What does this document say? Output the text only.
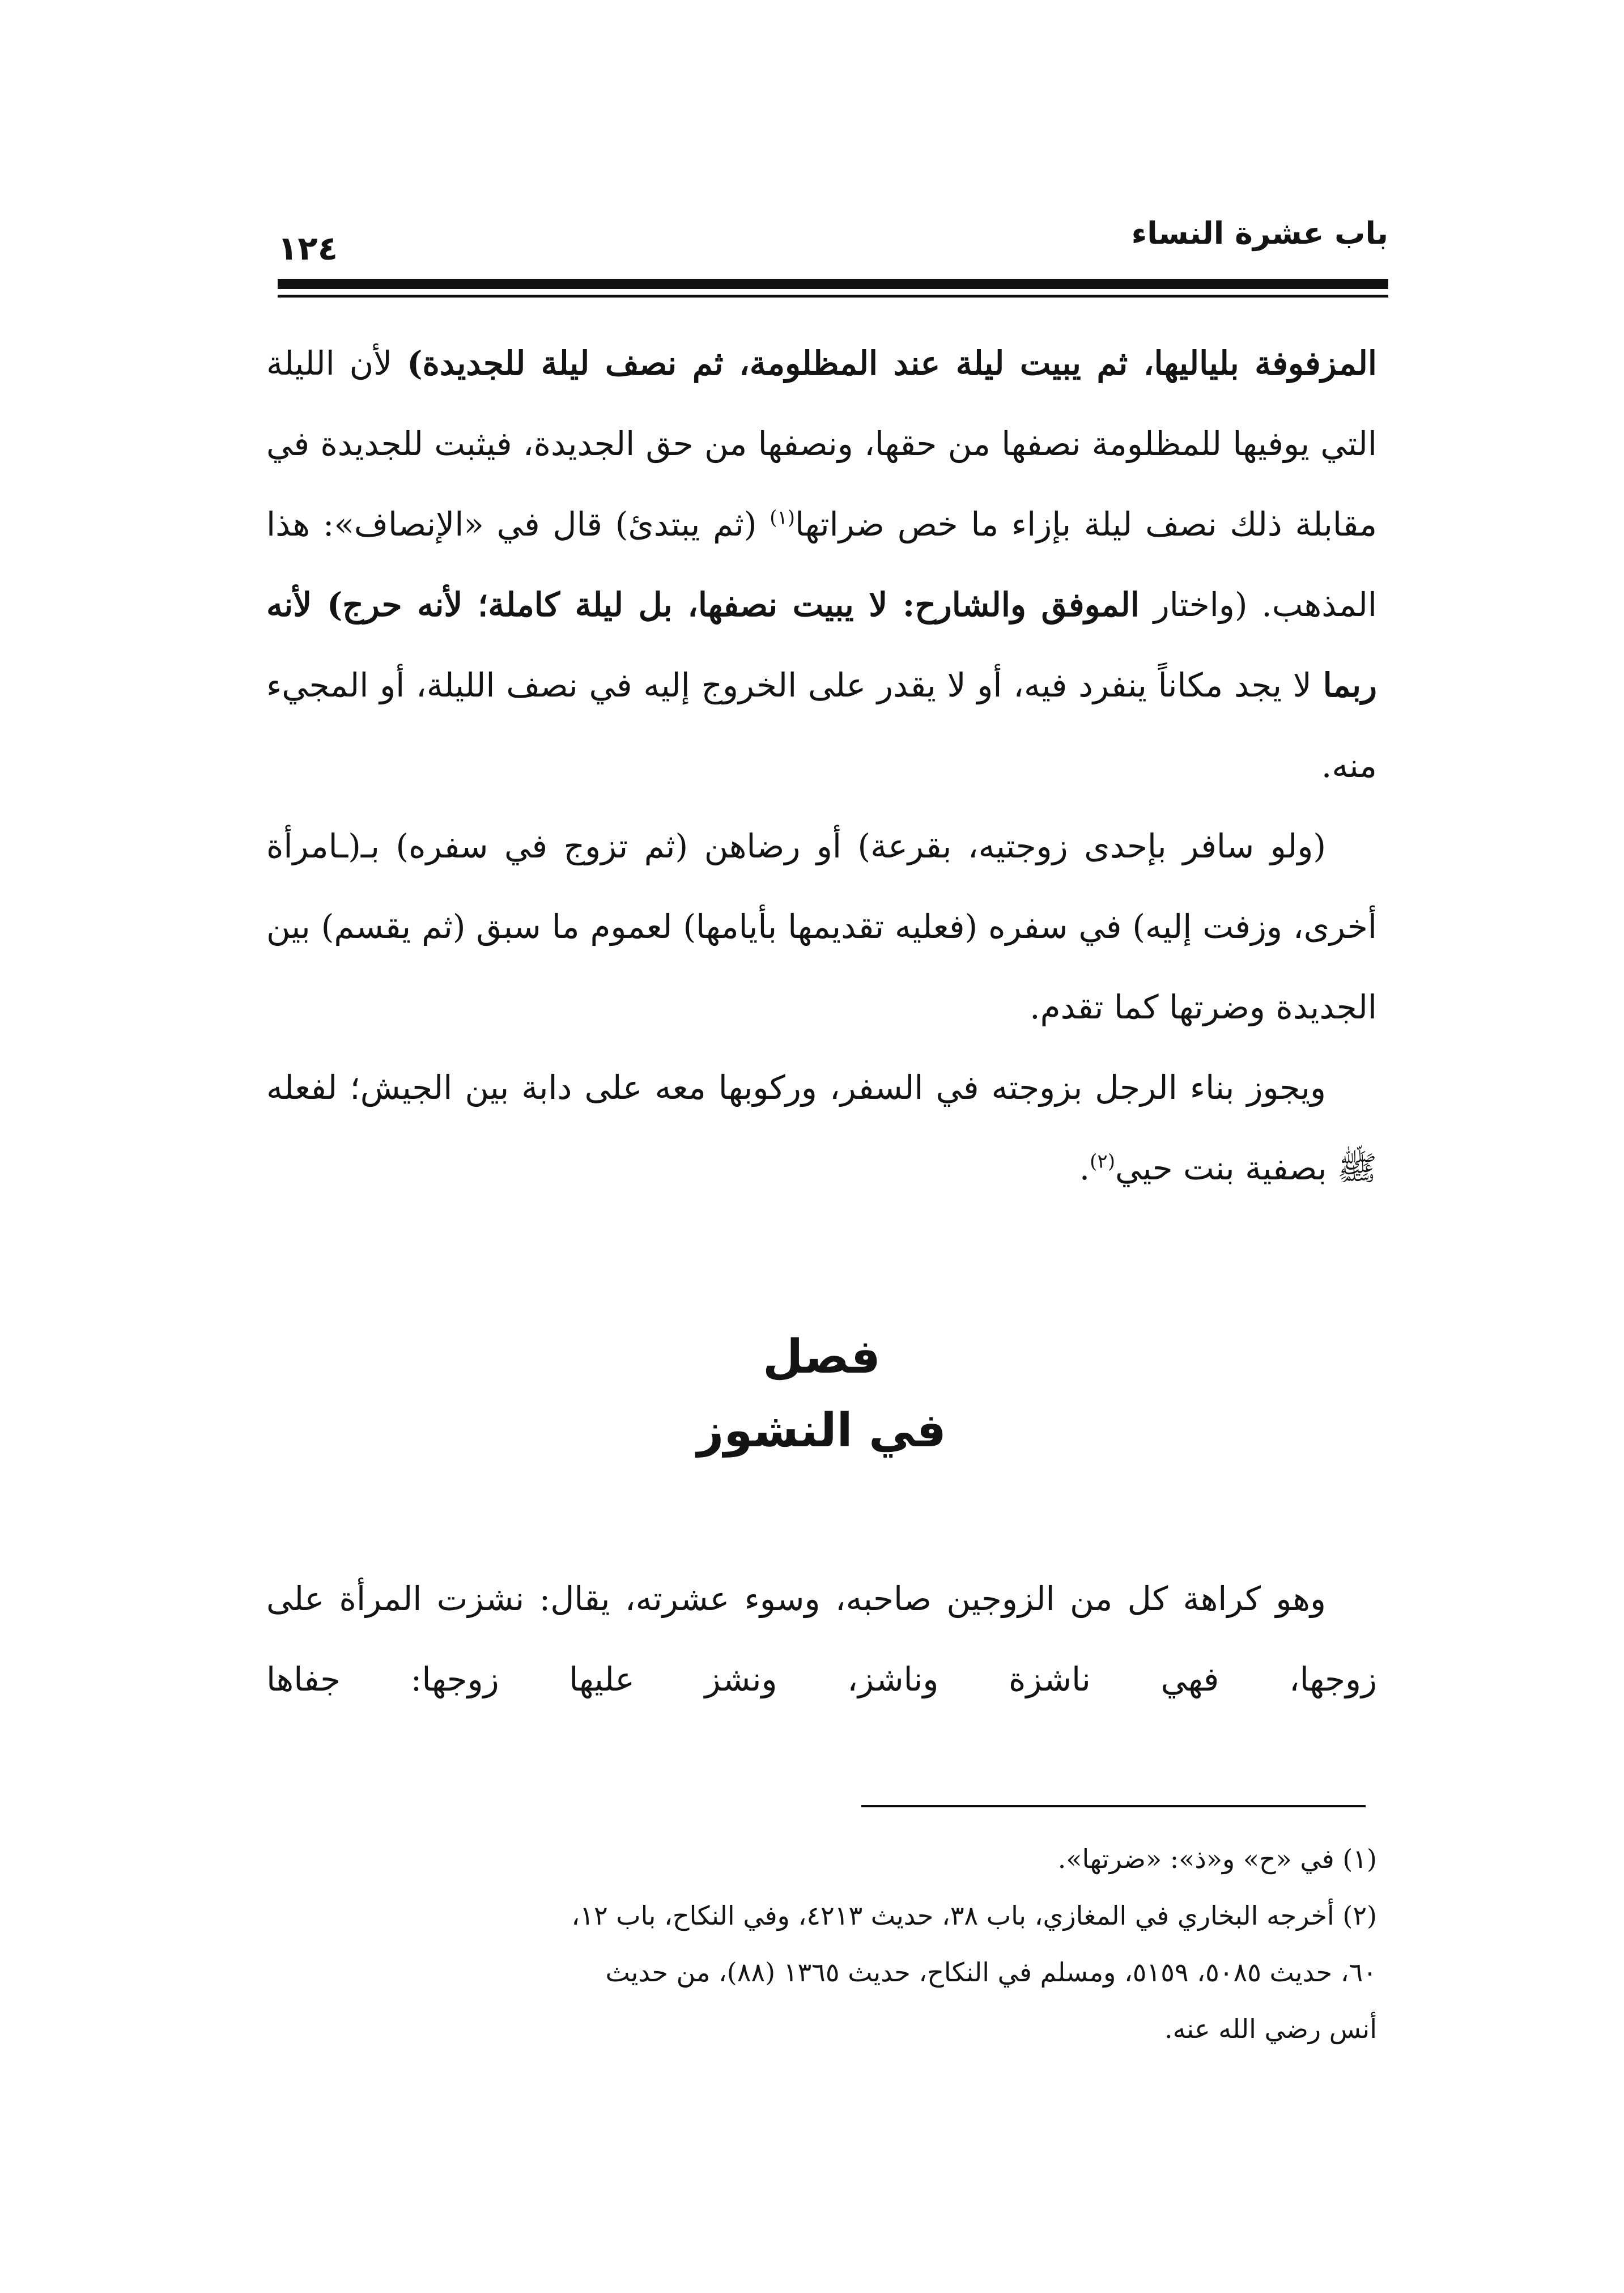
باب عشرة النساء
١٢٤

المزفوفة بلياليها، ثم يبيت ليلة عند المظلومة، ثم نصف ليلة للجديدة) لأن الليلة التي يوفيها للمظلومة نصفها من حقها، ونصفها من حق الجديدة، فيثبت للجديدة في مقابلة ذلك نصف ليلة بإزاء ما خص ضراتها$^{(١)}$ (ثم يبتدئ) قال في «الإنصاف»: هذا المذهب. (واختار الموفق والشارح: لا يبيت نصفها، بل ليلة كاملة؛ لأنه حرج) لأنه ربما لا يجد مكاناً ينفرد فيه، أو لا يقدر على الخروج إليه في نصف الليلة، أو المجيء منه.

(ولو سافر بإحدى زوجتيه، بقرعة) أو رضاهن (ثم تزوج في سفره) بـ(ـامرأة أخرى، وزفت إليه) في سفره (فعليه تقديمها بأيامها) لعموم ما سبق (ثم يقسم) بين الجديدة وضرتها كما تقدم.

ويجوز بناء الرجل بزوجته في السفر، وركوبها معه على دابة بين الجيش؛ لفعله ﷺ بصفية بنت حيي$^{(٢)}$.

فصل
في النشوز

وهو كراهة كل من الزوجين صاحبه، وسوء عشرته، يقال: نشزت المرأة على زوجها، فهي ناشزة وناشز، ونشز عليها زوجها: جفاها

(١) في «ح» و«ذ»: «ضرتها».

(٢) أخرجه البخاري في المغازي، باب ٣٨، حديث ٤٢١٣، وفي النكاح، باب ١٢،

٦٠، حديث ٥٠٨٥، ٥١٥٩، ومسلم في النكاح، حديث ١٣٦٥ (٨٨)، من حديث

أنس رضي الله عنه.
